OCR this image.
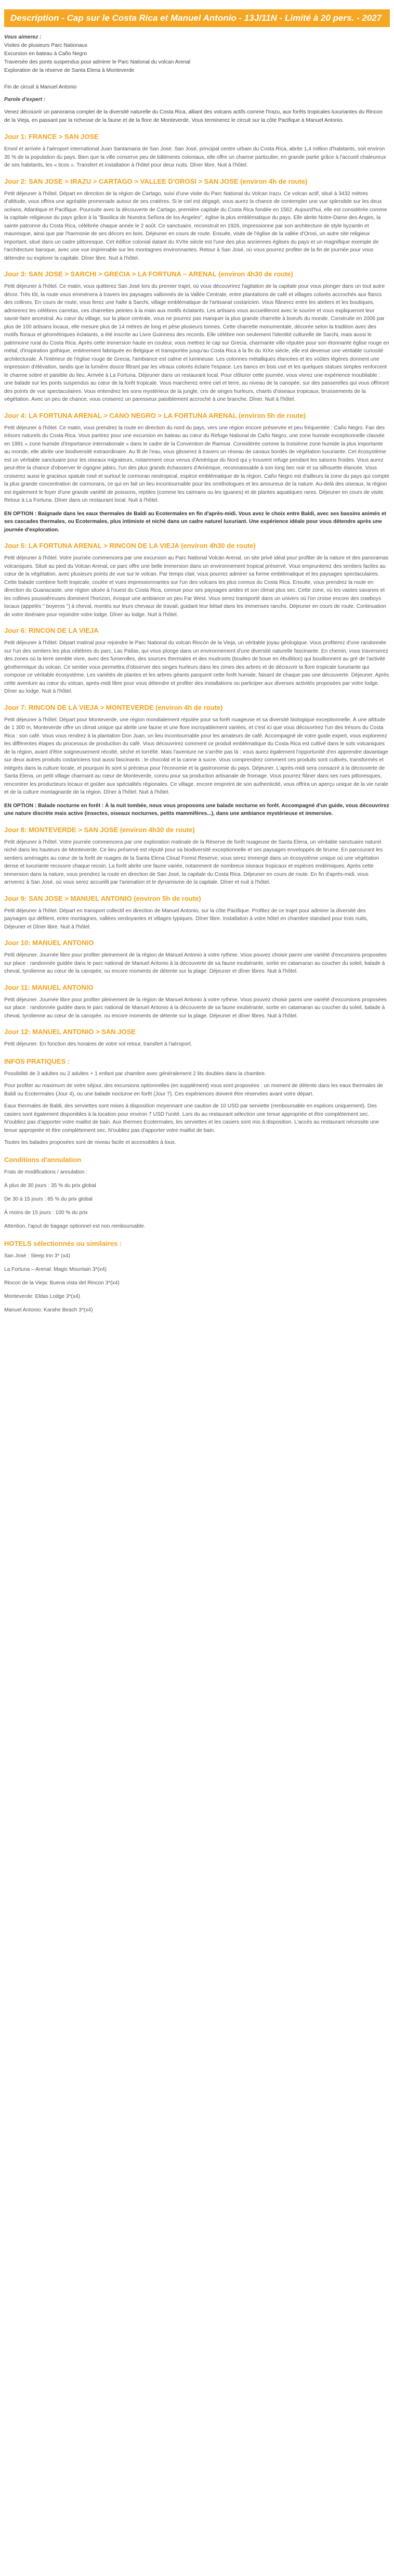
Description - Cap sur le Costa Rica et Manuel Antonio - 13J/11N - Limité à 20 pers. - 2027

Vous aimerez :

Visites de plusieurs Parc Nationaux

Excursion en bateau à Caño Negro

Traversée des ponts suspendus pour admirer le Parc National du volcan Arenal

Exploration de la réserve de Santa Elena à Monteverde

Fin de circuit à Manuel Antonio

Parole d'expert :

Venez découvrir un panorama complet de la diversité naturelle du Costa Rica, alliant des volcans actifs comme l'Irazu, aux forêts tropicales luxuriantes du Rincon de la Vieja, en passant par la richesse de la faune et de la flore de Monteverde. Vous terminerez le circuit sur la côte Pacifique à Manuel Antonio.

Jour 1: FRANCE > SAN JOSE

Envol et arrivée à l'aéroport international Juan Santamaria de San José. San José, principal centre urbain du Costa Rica, abrite 1,4 million d'habitants, soit environ 35 % de la population du pays. Bien que la ville conserve peu de bâtiments coloniaux, elle offre un charme particulier, en grande partie grâce à l'accueil chaleureux de ses habitants, les « ticos ». Transfert et installation à l'hôtel pour deux nuits. Dîner libre. Nuit à l'hôtel.

Jour 2: SAN JOSE > IRAZU > CARTAGO > VALLEE D'OROSI > SAN JOSE (environ 4h de route)

Petit déjeuner à l'hôtel. Départ en direction de la région de Cartago, suivi d'une visite du Parc National du Volcan Irazu. Ce volcan actif, situé à 3432 mètres d'altitude, vous offrira une agréable promenade autour de ses cratères. Si le ciel est dégagé, vous aurez la chance de contempler une vue splendide sur les deux océans, Atlantique et Pacifique. Poursuite avec la découverte de Cartago, première capitale du Costa Rica fondée en 1562. Aujourd'hui, elle est considérée comme la capitale religieuse du pays grâce à la "Basilica de Nuestra Señora de los Angeles", église la plus emblématique du pays. Elle abrite Notre-Dame des Anges, la sainte patronne du Costa Rica, célébrée chaque année le 2 août. Ce sanctuaire, reconstruit en 1926, impressionne par son architecture de style byzantin et mauresque, ainsi que par l'harmonie de ses décors en bois. Déjeuner en cours de route. Ensuite, visite de l'église de la vallée d'Orosi, un autre site religieux important, situé dans un cadre pittoresque. Cet édifice colonial datant du XVIIe siècle est l'une des plus anciennes églises du pays et un magnifique exemple de l'architecture baroque, avec une vue imprenable sur les montagnes environnantes. Retour à San José, où vous pourrez profiter de la fin de journée pour vous détendre ou explorer la capitale. Dîner libre. Nuit à l'hôtel.

Jour 3: SAN JOSE > SARCHI > GRECIA > LA FORTUNA – ARENAL (environ 4h30 de route)

Petit déjeuner à l'hôtel. Ce matin, vous quitterez San José lors du premier trajet, où vous découvrirez l'agitation de la capitale pour vous plonger dans un tout autre décor. Très tôt, la route vous emmènera à travers les paysages vallonnés de la Vallée Centrale, entre plantations de café et villages colorés accrochés aux flancs des collines. En cours de route, vous ferez une halte à Sarchi, village emblématique de l'artisanat costaricien. Vous flânerez entre les ateliers et les boutiques, admirerez les célèbres carretas, ces charrettes peintes à la main aux motifs éclatants. Les artisans vous accueilleront avec le sourire et vous expliqueront leur savoir-faire ancestral. Au cœur du village, sur la place centrale, vous ne pourrez pas manquer la plus grande charrette à boeufs du monde. Construite en 2006 par plus de 100 artisans locaux, elle mesure plus de 14 mètres de long et pèse plusieurs tonnes. Cette charrette monumentale, décorée selon la tradition avec des motifs floraux et géométriques éclatants, a été inscrite au Livre Guinness des records. Elle célèbre non seulement l'identité culturelle de Sarchi, mais aussi le patrimoine rural du Costa Rica. Après cette immersion haute en couleur, vous mettrez le cap sur Grecia, charmante ville réputée pour son étonnante église rouge en métal, d'inspiration gothique, entièrement fabriquée en Belgique et transportée jusqu'au Costa Rica à la fin du XIXe siècle, elle est devenue une véritable curiosité architecturale. À l'intérieur de l'église rouge de Grecia, l'ambiance est calme et lumineuse. Les colonnes métalliques élancées et les voûtes légères donnent une impression d'élévation, tandis que la lumière douce filtrant par les vitraux colorés éclaire l'espace. Les bancs en bois usé et les quelques statues simples renforcent le charme sobre et paisible du lieu. Arrivée à La Fortuna. Déjeuner dans un restaurant local. Pour clôturer cette journée, vous vivrez une expérience inoubliable : une balade sur les ponts suspendus au cœur de la forêt tropicale. Vous marcherez entre ciel et terre, au niveau de la canopée, sur des passerelles qui vous offriront des points de vue spectaculaires. Vous entendrez les sons mystérieux de la jungle, cris de singes hurleurs, chants d'oiseaux tropicaux, bruissements de la végétation. Avec un peu de chance, vous croiserez un paresseux paisiblement accroché à une branche. Dîner. Nuit à l'hôtel.

Jour 4: LA FORTUNA ARENAL > CANO NEGRO > LA FORTUNA ARENAL (environ 5h de route)

Petit déjeuner à l'hôtel. Ce matin, vous prendrez la route en direction du nord du pays, vers une région encore préservée et peu fréquentée : Caño Negro. Fan des trésors naturels du Costa Rica. Vous partirez pour une excursion en bateau au cœur du Refuge National de Caño Negro, une zone humide exceptionnelle classée en 1991 « zone humide d'importance internationale » dans le cadre de la Convention de Ramsar. Considérée comme la troisième zone humide la plus importante au monde, elle abrite une biodiversité extraordinaire. Au fil de l'eau, vous glisserez à travers un réseau de canaux bordés de végétation luxuriante. Cet écosystème est un véritable sanctuaire pour les oiseaux migrateurs, notamment ceux venus d'Amérique du Nord qui y trouvent refuge pendant les saisons froides. Vous aurez peut-être la chance d'observer le cigogne jabiru, l'un des plus grands échassiers d'Amérique, reconnaissable à son long bec noir et sa silhouette élancée. Vous croiserez aussi le gracieux spatule rosé et surtout le cormoran neotropical, espèce emblématique de la région. Caño Negro est d'ailleurs la zone du pays qui compte la plus grande concentration de cormorans, ce qui en fait un lieu incontournable pour les ornithologues et les amoureux de la nature. Au-delà des oiseaux, la région est également le foyer d'une grande variété de poissons, reptiles (comme les caïmans ou les iguanes) et de plantes aquatiques rares. Déjeuner en cours de visite. Retour à La Fortuna. Dîner dans un restaurant local. Nuit à l'hôtel.

EN OPTION : Baignade dans les eaux thermales de Baldi au Ecotermales en fin d'après-midi. Vous avez le choix entre Baldi, avec ses bassins animés et ses cascades thermales, ou Ecotermales, plus intimiste et niché dans un cadre naturel luxuriant. Une expérience idéale pour vous détendre après une journée d'exploration.

Jour 5: LA FORTUNA ARENAL > RINCON DE LA VIEJA (environ 4h30 de route)

Petit déjeuner à l'hôtel. Votre journée commencera par une excursion au Parc National Volcán Arenal, un site privé idéal pour profiter de la nature et des panoramas volcaniques. Situé au pied du Volcan Arenal, ce parc offre une belle immersion dans un environnement tropical préservé. Vous emprunterez des sentiers faciles au cœur de la végétation, avec plusieurs points de vue sur le volcan. Par temps clair, vous pourrez admirer sa forme emblématique et les paysages spectaculaires. Cette balade combine forêt tropicale, coulée et vues impressionnantes sur l'un des volcans les plus connus du Costa Rica. Ensuite, vous prendrez la route en direction du Guanacaste, une région située à l'ouest du Costa Rica, connue pour ses paysages arides et son climat plus sec. Cette zone, où les vastes savanes et les collines poussiéreuses dominent l'horizon, évoque une ambiance un peu Far West. Vous serez transporté dans un univers où l'on croise encore des cowboys locaux (appelés " boyeros ") à cheval, montés sur leurs chevaux de travail, guidant leur bétail dans les immenses ranchs. Déjeuner en cours de route. Continuation de votre itinéraire pour rejoindre votre lodge. Dîner au lodge. Nuit à l'hôtel.

Jour 6: RINCON DE LA VIEJA

Petit déjeuner à l'hôtel. Départ matinal pour rejoindre le Parc National du volcan Rincón de la Vieja, un véritable joyau géologique. Vous profiterez d'une randonnée sur l'un des sentiers les plus célèbres du parc, Las Pailas, qui vous plonge dans un environnement d'une diversité naturelle fascinante. En chemin, vous traverserez des zones où la terre semble vivre, avec des fumerolles, des sources thermales et des mudroots (boulles de boue en ébullition) qui bouillonnent au gré de l'activité géothermique du volcan. Ce sentier vous permettra d'observer des singes hurleurs dans les cimes des arbres et de découvrir la flore tropicale luxuriante qui compose ce véritable écosystème. Les variétés de plantes et les arbres géants parquent cette forêt humide, faisant de chaque pas une découverte. Déjeuner. Après cette aventure au cœur du volcan, après-midi libre pour vous détendre et profiter des installations ou participer aux diverses activités proposées par votre lodge. Dîner au lodge. Nuit à l'hôtel.

Jour 7: RINCON DE LA VIEJA > MONTEVERDE (environ 4h de route)

Petit déjeuner à l'hôtel. Départ pour Monteverde, une région mondialement réputée pour sa forêt nuageuse et sa diversité biologique exceptionnelle. À une altitude de 1 300 m, Monteverde offre un climat unique qui abrite une faune et une flore incroyablement variées, et c'est ici que vous découvrirez l'un des trésors du Costa Rica : son café. Vous vous rendrez à la plantation Don Juan, un lieu incontournable pour les amateurs de café. Accompagné de votre guide expert, vous explorerez les différentes étapes du processus de production du café. Vous découvrirez comment ce produit emblématique du Costa Rica est cultivé dans le sols volcaniques de la région, avant d'être soigneusement récolté, séché et torréfié. Mais l'aventure ne s'arrête pas là : vous aurez également l'opportunité d'en apprendre davantage sur deux autres produits costariciens tout aussi fascinants : le chocolat et la canne à sucre. Vous comprendrez comment ces produits sont cultivés, transformés et intégrés dans la culture locale, et pourquoi ils sont si précieux pour l'économie et la gastronomie du pays. Déjeuner. L'après-midi sera consacré à la découverte de Santa Elena, un petit village charmant au cœur de Monteverde, connu pour sa production artisanale de fromage. Vous pourrez flâner dans ses rues pittoresques, rencontrer les producteurs locaux et goûter aux spécialités régionales. Ce village, encore empreint de son authenticité, vous offrira un aperçu unique de la vie rurale et de la culture montagnarde de la région. Dîner à l'hôtel. Nuit à l'hôtel.

EN OPTION : Balade nocturne en forêt : À la nuit tombée, nous vous proposons une balade nocturne en forêt. Accompagné d'un guide, vous découvrirez une nature discrète mais active (insectes, oiseaux nocturnes, petits mammifères...), dans une ambiance mystérieuse et immersive.

Jour 8: MONTEVERDE > SAN JOSE (environ 4h30 de route)

Petit déjeuner à l'hôtel. Votre journée commencera par une exploration matinale de la Réserve de forêt nuageuse de Santa Elena, un véritable sanctuaire naturel niché dans les hauteurs de Monteverde. Ce lieu préservé est réputé pour sa biodiversité exceptionnelle et ses paysages enveloppés de brume. En parcourant les sentiers aménagés au cœur de la forêt de nuages de la Santa Elena Cloud Forest Reserve, vous serez immergé dans un écosystème unique où une végétation dense et luxuriante recouvre chaque recoin. La forêt abrite une faune variée, notamment de nombreux oiseaux tropicaux et espèces endémiques. Après cette immersion dans la nature, vous prendrez la route en direction de San José, la capitale du Costa Rica. Déjeuner en cours de route. En fin d'après-midi, vous arriverez à San José, où vous serez accueilli par l'animation et le dynamisme de la capitale. Dîner et nuit à l'hôtel.

Jour 9: SAN JOSE > MANUEL ANTONIO (environ 5h de route)

Petit déjeuner à l'hôtel. Départ en transport collectif en direction de Manuel Antonio, sur la côte Pacifique. Profitez de ce trajet pour admirer la diversité des paysages qui défilent, entre montagnes, vallées verdoyantes et villages typiques. Dîner libre. Installation à votre hôtel en chambre standard pour trois nuits, Déjeuner et Dîner libre. Nuit à l'hôtel.

Jour 10: MANUEL ANTONIO

Petit déjeuner. Journée libre pour profiter pleinement de la région de Manuel Antonio à votre rythme. Vous pouvez choisir parmi une variété d'excursions proposées sur place : randonnée guidée dans le parc national de Manuel Antonio à la découverte de sa faune exubérante, sortie en catamaran au coucher du soleil, balade à cheval, tyrolienne au cœur de la canopée, ou encore moments de détente sur la plage. Déjeuner et dîner libres. Nuit à l'hôtel.

Jour 11: MANUEL ANTONIO

Petit déjeuner. Journée libre pour profiter pleinement de la région de Manuel Antonio à votre rythme. Vous pouvez choisir parmi une variété d'excursions proposées sur place : randonnée guidée dans le parc national de Manuel Antonio à la découverte de sa faune exubérante, sortie en catamaran au coucher du soleil, balade à cheval, tyrolienne au cœur de la canopée, ou encore moments de détente sur la plage. Déjeuner et dîner libres. Nuit à l'hôtel.

Jour 12: MANUEL ANTONIO > SAN JOSE

Petit déjeuner. En fonction des horaires de votre vol retour, transfert à l'aéroport.

INFOS PRATIQUES :

Possibilité de 3 adultes ou 2 adultes + 1 enfant par chambre avec généralement 2 lits doubles dans la chambre.

Pour profiter au maximum de votre séjour, des excursions optionnelles (en supplément) vous sont proposées : un moment de détente dans les eaux thermales de Baldi ou Ecotermales (Jour 4), ou une balade nocturne en forêt (Jour 7). Ces expériences doivent être réservées avant votre départ.

Eaux thermales de Baldi, des serviettes sont mises à disposition moyennant une caution de 10 USD par serviette (remboursable en espèces uniquement). Des casiers sont également disponibles à la location pour environ 7 USD l'unité. Lors du au restaurant sélection une tenue appropriée et être complètement sec. N'oubliez pas d'apporter votre maillot de bain. Aux thermes Ecotermales, les serviettes et les casiers sont mis à disposition. L'accès au restaurant nécessite une tenue appropriée et être complètement sec. N'oubliez pas d'apporter votre maillot de bain.

Toutes les balades proposées sont de niveau facile et accessibles à tous.

Conditions d'annulation

Frais de modifications / annulation :

À plus de 30 jours : 35 % du prix global

De 30 à 15 jours : 85 % du prix global

À moins de 15 jours : 100 % du prix

Attention, l'ajout de bagage optionnel est non remboursable.

HOTELS sélectionnés ou similaires :

San José : Sleep Inn 3* (x4)

La Fortuna – Arenal: Magic Mountain 3*(x4)

Rincon de la Vieja: Buena vista del Rincon 3*(x4)

Monteverde: Eldas Lodge 3*(x4)

Manuel Antonio: Karahe Beach 3*(x4)
